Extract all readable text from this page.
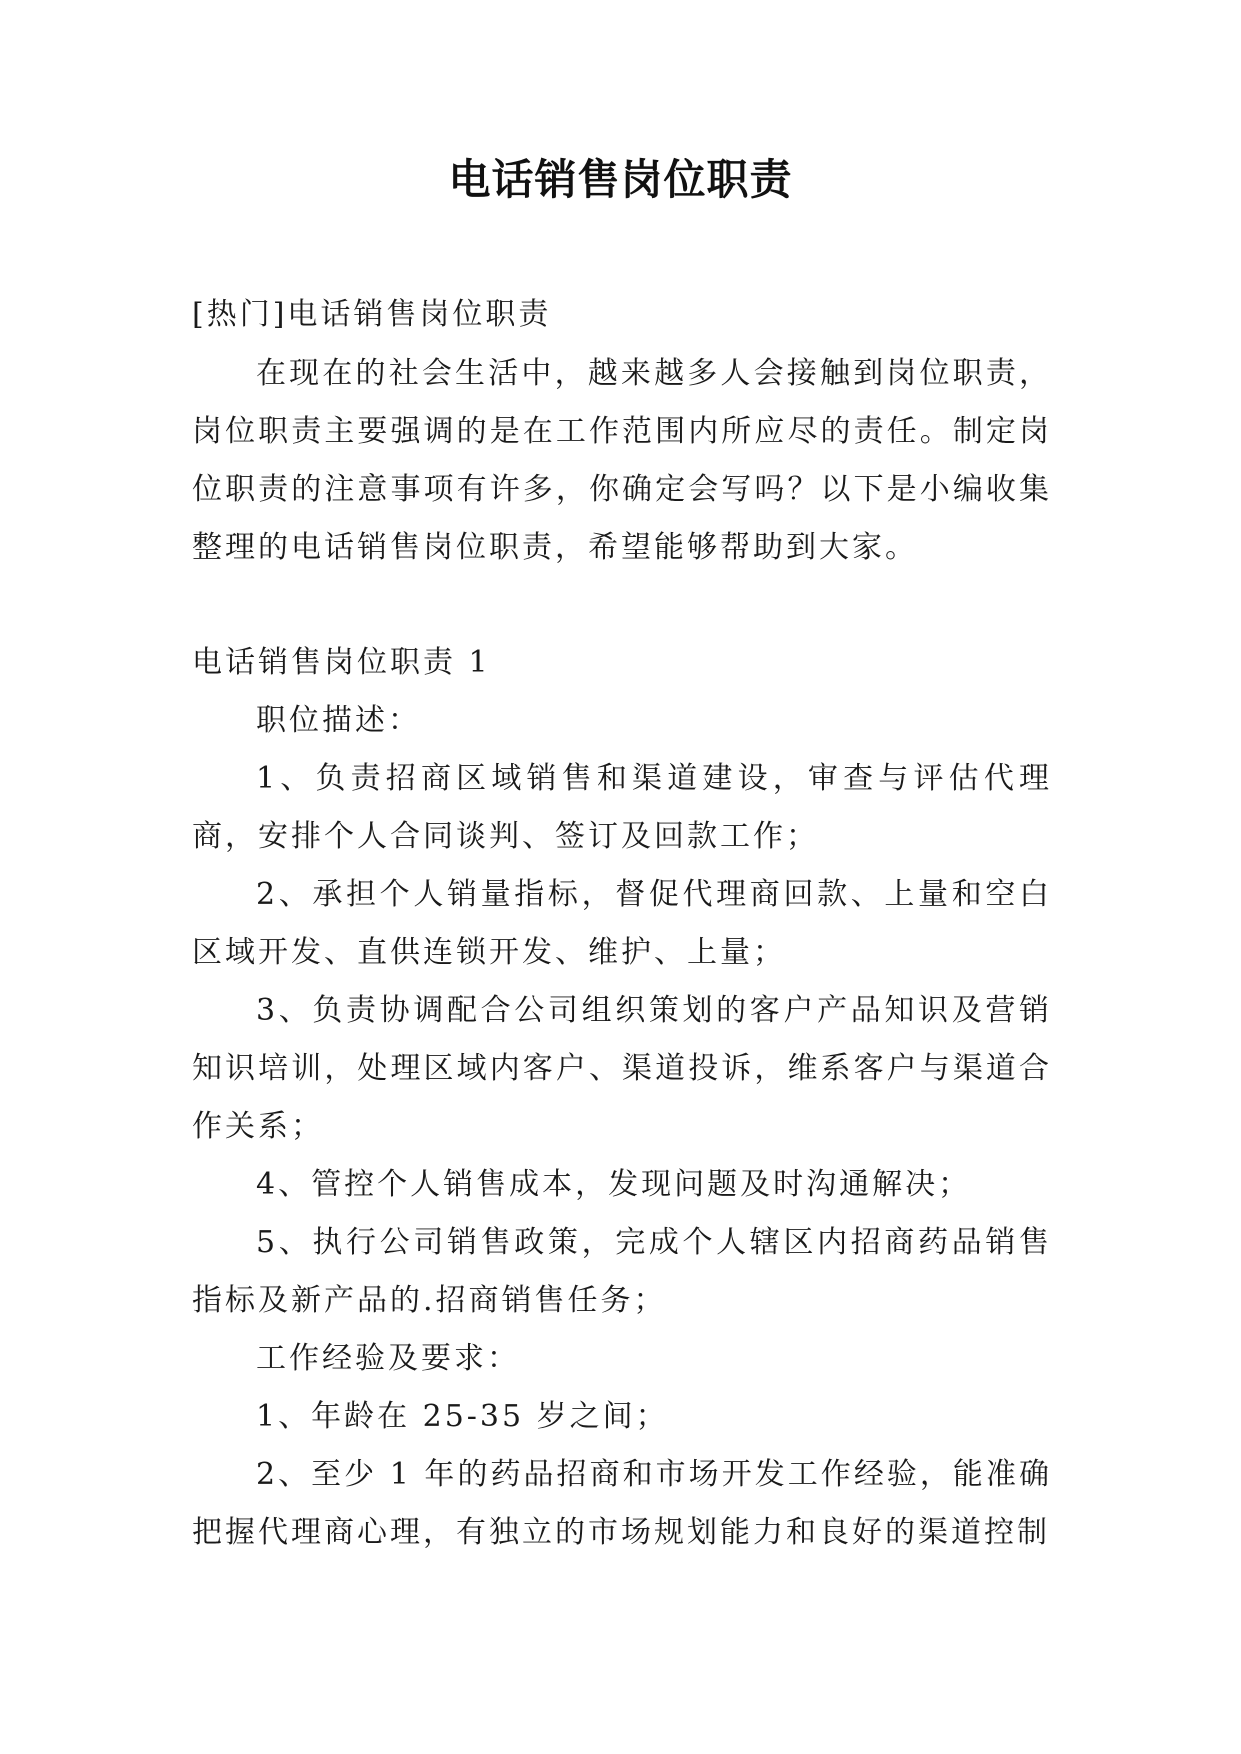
电话销售岗位职责
[热门]电话销售岗位职责
在现在的社会生活中，越来越多人会接触到岗位职责，岗位职责主要强调的是在工作范围内所应尽的责任。制定岗位职责的注意事项有许多，你确定会写吗？以下是小编收集整理的电话销售岗位职责，希望能够帮助到大家。

电话销售岗位职责 1

职位描述：

1、负责招商区域销售和渠道建设，审查与评估代理商，安排个人合同谈判、签订及回款工作；

2、承担个人销量指标，督促代理商回款、上量和空白区域开发、直供连锁开发、维护、上量；

3、负责协调配合公司组织策划的客户产品知识及营销知识培训，处理区域内客户、渠道投诉，维系客户与渠道合作关系；

4、管控个人销售成本，发现问题及时沟通解决；

5、执行公司销售政策，完成个人辖区内招商药品销售指标及新产品的.招商销售任务；

工作经验及要求：

1、年龄在 25-35 岁之间；

2、至少 1 年的药品招商和市场开发工作经验，能准确把握代理商心理，有独立的市场规划能力和良好的渠道控制
